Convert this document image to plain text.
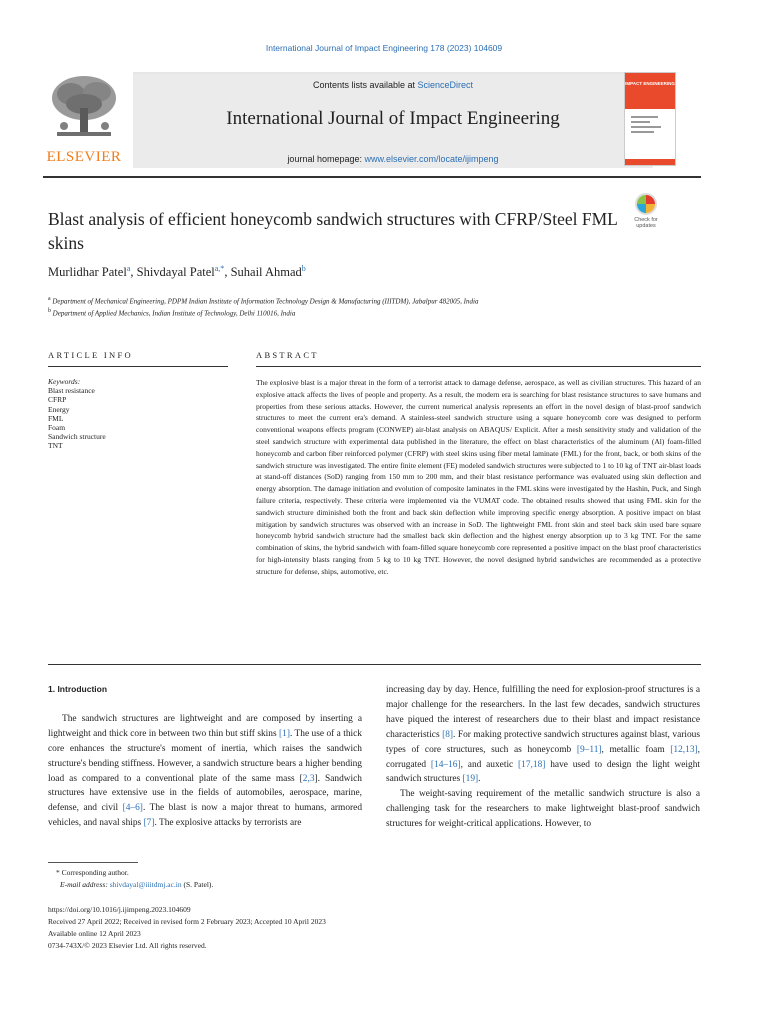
International Journal of Impact Engineering 178 (2023) 104609
ELSEVIER
Contents lists available at ScienceDirect
International Journal of Impact Engineering
journal homepage: www.elsevier.com/locate/ijimpeng
IMPACT ENGINEERING
Blast analysis of efficient honeycomb sandwich structures with CFRP/Steel FML skins
Check for updates
Murlidhar Patel$^a$, Shivdayal Patel$^{a,*}$, Suhail Ahmad$^b$
$^a$ Department of Mechanical Engineering, PDPM Indian Institute of Information Technology Design & Manufacturing (IIITDM), Jabalpur 482005, India
$^b$ Department of Applied Mechanics, Indian Institute of Technology, Delhi 110016, India
ARTICLE INFO	ABSTRACT
Keywords:
Blast resistance
CFRP
Energy
FML
Foam
Sandwich structure
TNT
The explosive blast is a major threat in the form of a terrorist attack to damage defense, aerospace, as well as civilian structures. This hazard of an explosive attack affects the lives of people and property. As a result, the modern era is searching for blast resistance structures to save humans and properties from these serious attacks. However, the current numerical analysis represents an effort in the novel design of blast-proof sandwich structures to meet the current era's demand. A stainless-steel sandwich structure using a square honeycomb core was designed to perform conventional weapons effects program (CONWEP) air-blast analysis on ABAQUS/ Explicit. After a mesh sensitivity study and validation of the steel sandwich structure with experimental data published in the literature, the effect on blast characteristics of the aluminum (Al) foam-filled honeycomb and carbon fiber reinforced polymer (CFRP) with steel skins using fiber metal laminate (FML) for the front, back, or both skins of the sandwich structure was investigated. The entire finite element (FE) modeled sandwich structures were subjected to 1 to 10 kg of TNT air-blast loads at stand-off distances (SoD) ranging from 150 mm to 200 mm, and their blast resistance performance was evaluated using skin deflection and energy absorption. The damage initiation and evolution of composite laminates in the FML skins were investigated by the Hashin, Puck, and Singh failure criteria, respectively. These criteria were implemented via the VUMAT code. The obtained results showed that using FML skin for the sandwich structure diminished both the front and back skin deflection while improving specific energy absorption. A positive impact on blast mitigation by sandwich structures was observed with an increase in SoD. The lightweight FML front skin and steel back skin used bare square honeycomb hybrid sandwich structure had the smallest back skin deflection and the highest energy absorption up to 3 kg TNT. For the same combination of skins, the hybrid sandwich with foam-filled square honeycomb core represented a positive impact on the blast proof characteristics for high-intensity blasts ranging from 5 kg to 10 kg TNT. However, the novel designed hybrid sandwiches are recommended as a protective structure for defense, ships, automotive, etc.

1. Introduction

The sandwich structures are lightweight and are composed by inserting a lightweight and thick core in between two thin but stiff skins [1]. The use of a thick core enhances the structure's moment of inertia, which raises the sandwich structure's bending stiffness. However, a sandwich structure bears a higher bending load as compared to a conventional plate of the same mass [2,3]. Sandwich structures have extensive use in the fields of automobiles, aerospace, marine, defense, and civil [4–6]. The blast is now a major threat to humans, armored vehicles, and naval ships [7]. The explosive attacks by terrorists are

increasing day by day. Hence, fulfilling the need for explosion-proof structures is a major challenge for the researchers. In the last few decades, sandwich structures have piqued the interest of researchers due to their blast and impact resistance characteristics [8]. For making protective sandwich structures against blast, various types of core structures, such as honeycomb [9–11], metallic foam [12,13], corrugated [14–16], and auxetic [17,18] have used to design the light weight sandwich structures [19].

The weight-saving requirement of the metallic sandwich structure is also a challenging task for the researchers to make lightweight blast-proof sandwich structures for weight-critical applications. However, to

* Corresponding author.
E-mail address: shivdayal@iiitdmj.ac.in (S. Patel).
https://doi.org/10.1016/j.ijimpeng.2023.104609
Received 27 April 2022; Received in revised form 2 February 2023; Accepted 10 April 2023
Available online 12 April 2023
0734-743X/© 2023 Elsevier Ltd. All rights reserved.
